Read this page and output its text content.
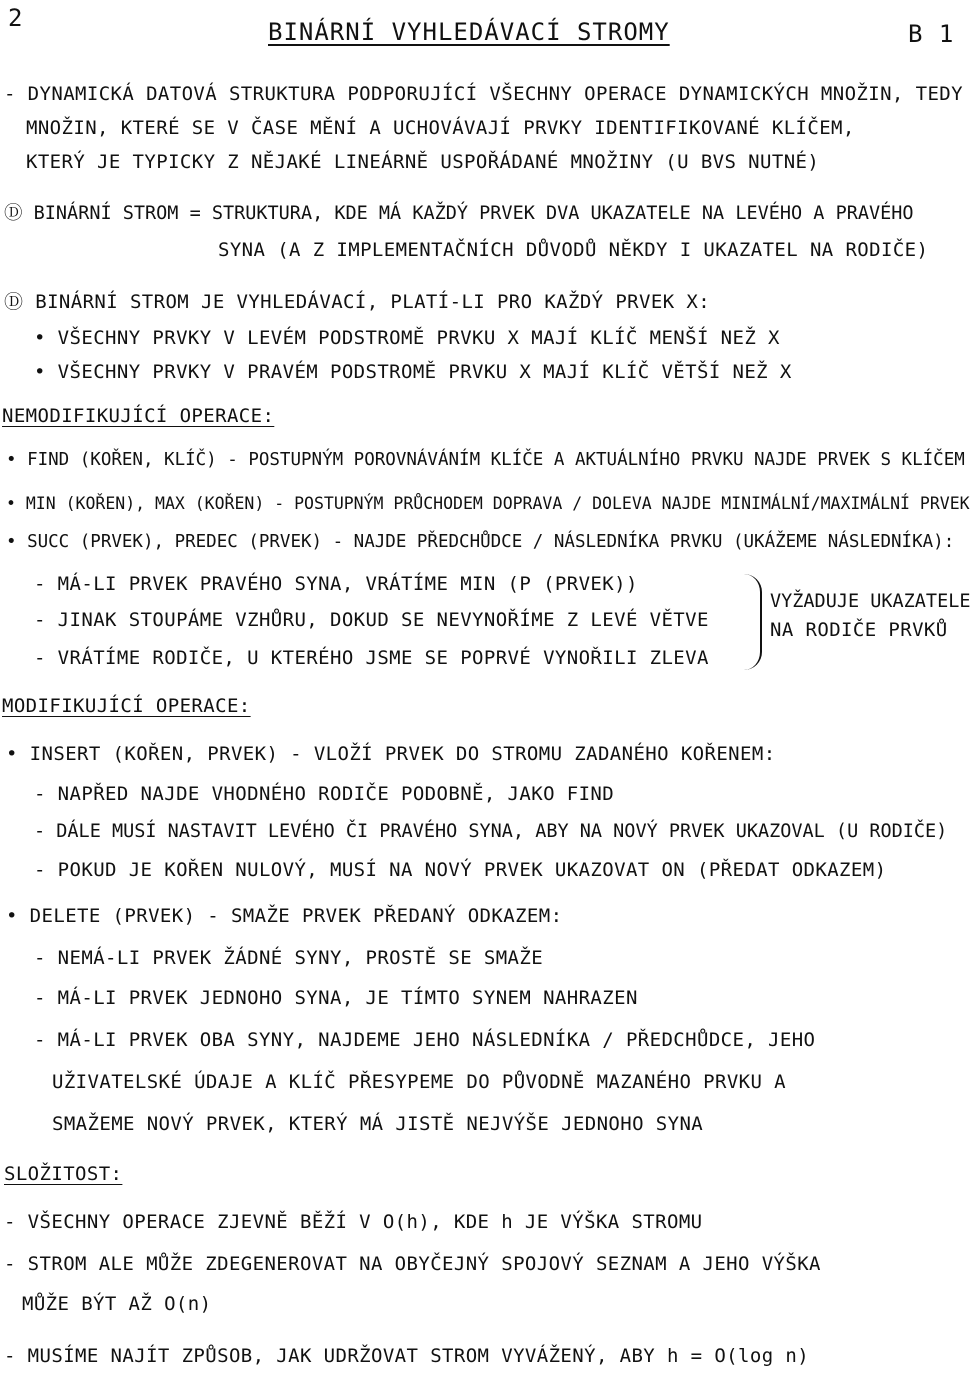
2	BINÁRNÍ VYHLEDÁVACÍ STROMY	B 1
- DYNAMICKÁ DATOVÁ STRUKTURA PODPORUJÍCÍ VŠECHNY OPERACE DYNAMICKÝCH MNOŽIN, TEDY
MNOŽIN, KTERÉ SE V ČASE MĚNÍ A UCHOVÁVAJÍ PRVKY IDENTIFIKOVANÉ KLÍČEM,
KTERÝ JE TYPICKY Z NĚJAKÉ LINEÁRNĚ USPOŘÁDANÉ MNOŽINY (U BVS NUTNÉ)
Ⓓ BINÁRNÍ STROM = STRUKTURA, KDE MÁ KAŽDÝ PRVEK DVA UKAZATELE NA LEVÉHO A PRAVÉHO
SYNA (A Z IMPLEMENTAČNÍCH DŮVODŮ NĚKDY I UKAZATEL NA RODIČE)
Ⓓ BINÁRNÍ STROM JE VYHLEDÁVACÍ, PLATÍ-LI PRO KAŽDÝ PRVEK X:
• VŠECHNY PRVKY V LEVÉM PODSTROMĚ PRVKU X MAJÍ KLÍČ MENŠÍ NEŽ X
• VŠECHNY PRVKY V PRAVÉM PODSTROMĚ PRVKU X MAJÍ KLÍČ VĚTŠÍ NEŽ X
NEMODIFIKUJÍCÍ OPERACE:
• FIND (KOŘEN, KLÍČ) - POSTUPNÝM POROVNÁVÁNÍM KLÍČE A AKTUÁLNÍHO PRVKU NAJDE PRVEK S KLÍČEM
• MIN (KOŘEN), MAX (KOŘEN) - POSTUPNÝM PRŮCHODEM DOPRAVA / DOLEVA NAJDE MINIMÁLNÍ/MAXIMÁLNÍ PRVEK
• SUCC (PRVEK), PREDEC (PRVEK) - NAJDE PŘEDCHŮDCE / NÁSLEDNÍKA PRVKU (UKÁŽEME NÁSLEDNÍKA):
- MÁ-LI PRVEK PRAVÉHO SYNA, VRÁTÍME MIN (P (PRVEK))
- JINAK STOUPÁME VZHŮRU, DOKUD SE NEVYNOŘÍME Z LEVÉ VĚTVE
- VRÁTÍME RODIČE, U KTERÉHO JSME SE POPRVÉ VYNOŘILI ZLEVA
VYŽADUJE UKAZATELE
NA RODIČE PRVKŮ
MODIFIKUJÍCÍ OPERACE:
• INSERT (KOŘEN, PRVEK) - VLOŽÍ PRVEK DO STROMU ZADANÉHO KOŘENEM:
- NAPŘED NAJDE VHODNÉHO RODIČE PODOBNĚ, JAKO FIND
- DÁLE MUSÍ NASTAVIT LEVÉHO ČI PRAVÉHO SYNA, ABY NA NOVÝ PRVEK UKAZOVAL (U RODIČE)
- POKUD JE KOŘEN NULOVÝ, MUSÍ NA NOVÝ PRVEK UKAZOVAT ON (PŘEDAT ODKAZEM)
• DELETE (PRVEK) - SMAŽE PRVEK PŘEDANÝ ODKAZEM:
- NEMÁ-LI PRVEK ŽÁDNÉ SYNY, PROSTĚ SE SMAŽE
- MÁ-LI PRVEK JEDNOHO SYNA, JE TÍMTO SYNEM NAHRAZEN
- MÁ-LI PRVEK OBA SYNY, NAJDEME JEHO NÁSLEDNÍKA / PŘEDCHŮDCE, JEHO
UŽIVATELSKÉ ÚDAJE A KLÍČ PŘESYPEME DO PŮVODNĚ MAZANÉHO PRVKU A
SMAŽEME NOVÝ PRVEK, KTERÝ MÁ JISTĚ NEJVÝŠE JEDNOHO SYNA
SLOŽITOST:
- VŠECHNY OPERACE ZJEVNĚ BĚŽÍ V O(h), KDE h JE VÝŠKA STROMU
- STROM ALE MŮŽE ZDEGENEROVAT NA OBYČEJNÝ SPOJOVÝ SEZNAM A JEHO VÝŠKA
MŮŽE BÝT AŽ O(n)
- MUSÍME NAJÍT ZPŮSOB, JAK UDRŽOVAT STROM VYVÁŽENÝ, ABY h = O(log n)
